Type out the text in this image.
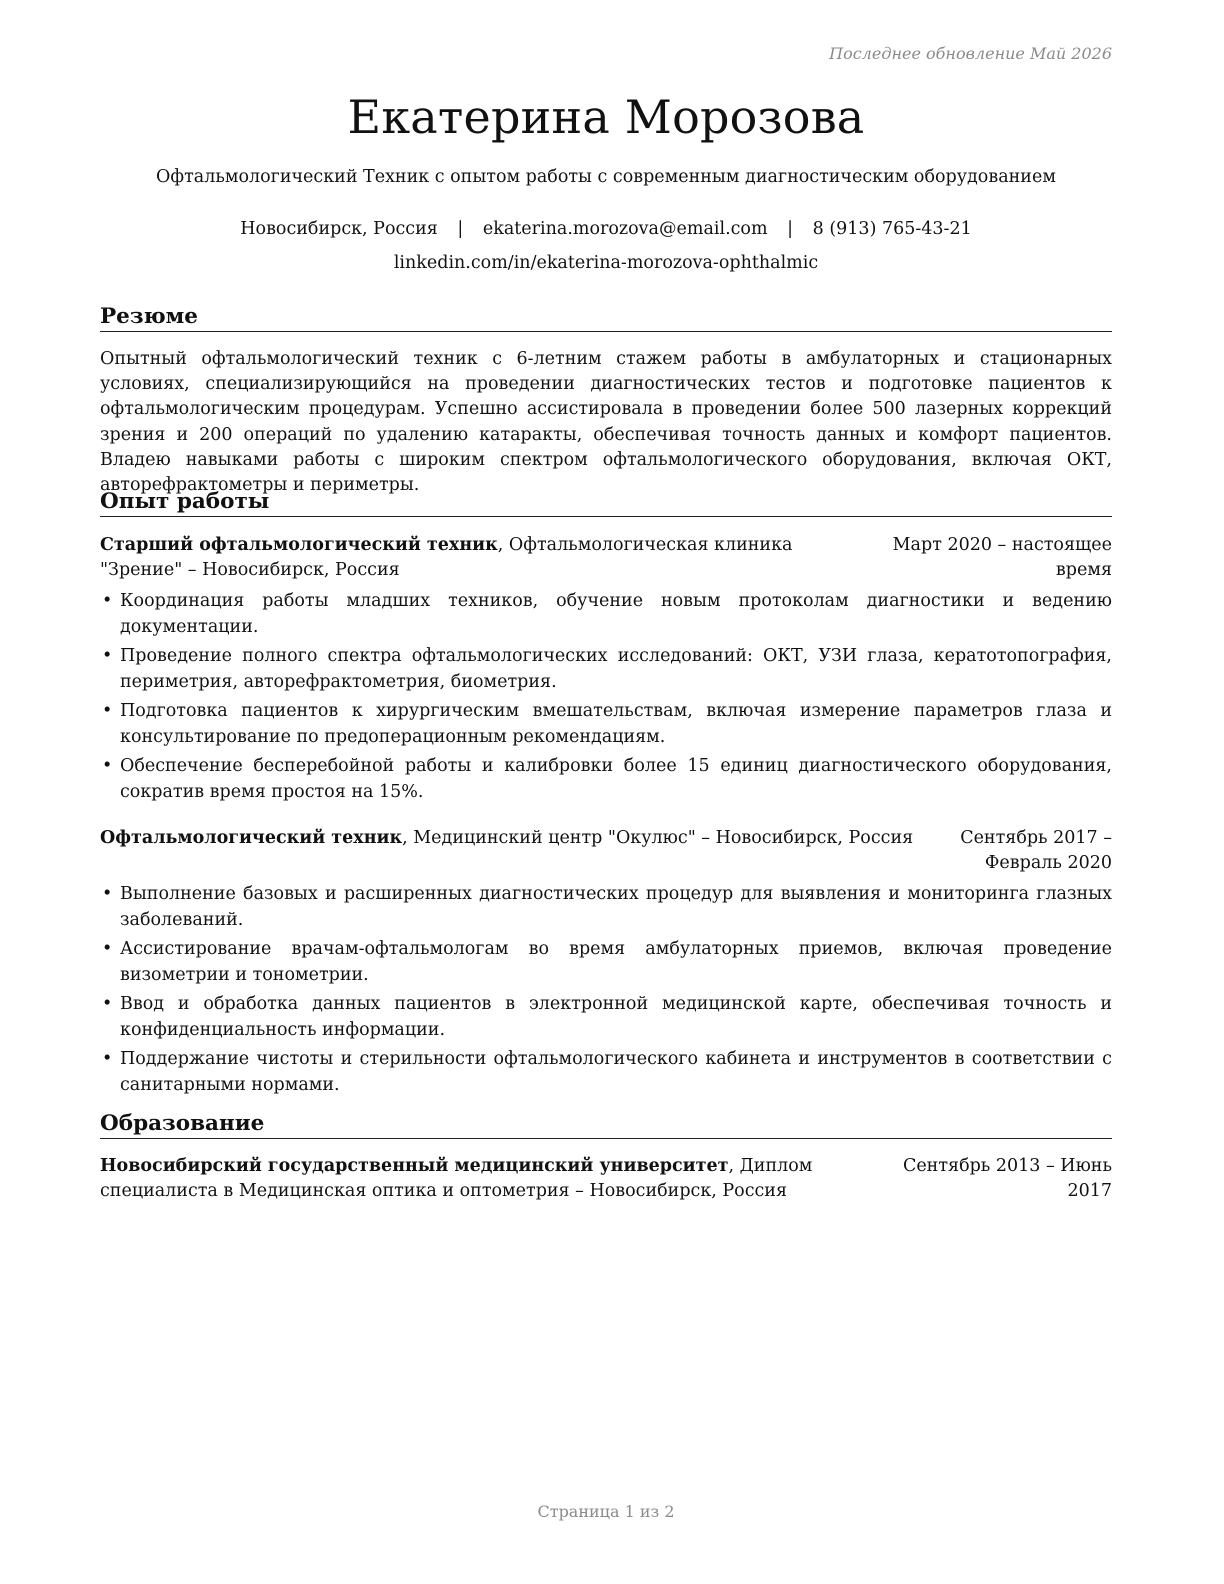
Последнее обновление Май 2026
Екатерина Морозова
Офтальмологический Техник с опытом работы с современным диагностическим оборудованием
Новосибирск, Россия | ekaterina.morozova@email.com | 8 (913) 765-43-21
linkedin.com/in/ekaterina-morozova-ophthalmic
Резюме

Опытный офтальмологический техник с 6-летним стажем работы в амбулаторных и стационарных условиях, специализирующийся на проведении диагностических тестов и подготовке пациентов к офтальмологическим процедурам. Успешно ассистировала в проведении более 500 лазерных коррекций зрения и 200 операций по удалению катаракты, обеспечивая точность данных и комфорт пациентов. Владею навыками работы с широким спектром офтальмологического оборудования, включая ОКТ, авторефрактометры и периметры.

Опыт работы
Старший офтальмологический техник, Офтальмологическая клиника "Зрение" – Новосибирск, Россия
Март 2020 – настоящее время
• Координация работы младших техников, обучение новым протоколам диагностики и ведению документации.
• Проведение полного спектра офтальмологических исследований: ОКТ, УЗИ глаза, кератотопография, периметрия, авторефрактометрия, биометрия.
• Подготовка пациентов к хирургическим вмешательствам, включая измерение параметров глаза и консультирование по предоперационным рекомендациям.
• Обеспечение бесперебойной работы и калибровки более 15 единиц диагностического оборудования, сократив время простоя на 15%.
Офтальмологический техник, Медицинский центр "Окулюс" – Новосибирск, Россия	Сентябрь 2017 – Февраль 2020
• Выполнение базовых и расширенных диагностических процедур для выявления и мониторинга глазных заболеваний.
• Ассистирование врачам-офтальмологам во время амбулаторных приемов, включая проведение визометрии и тонометрии.
• Ввод и обработка данных пациентов в электронной медицинской карте, обеспечивая точность и конфиденциальность информации.
• Поддержание чистоты и стерильности офтальмологического кабинета и инструментов в соответствии с санитарными нормами.
Образование
Новосибирский государственный медицинский университет, Диплом специалиста в Медицинская оптика и оптометрия – Новосибирск, Россия
Сентябрь 2013 – Июнь 2017
Страница 1 из 2
